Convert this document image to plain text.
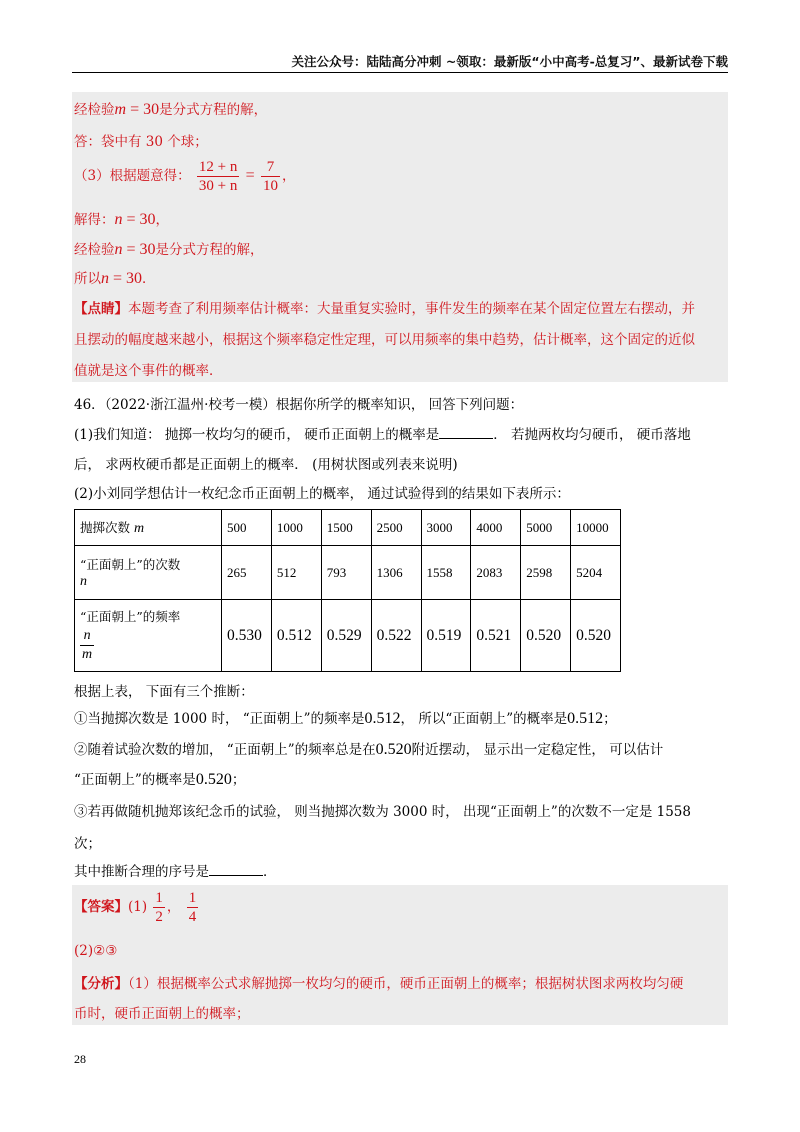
关注公众号：陆陆高分冲刺 ~领取：最新版“小中高考-总复习”、最新试卷下载
经检验m = 30是分式方程的解，
答：袋中有 30 个球；
（3）根据题意得： $\frac{12 + n}{30 + n} = \frac{7}{10}$ ，
解得：n = 30，
经检验n = 30是分式方程的解，
所以n = 30．
【点睛】本题考查了利用频率估计概率：大量重复实验时，事件发生的频率在某个固定位置左右摆动，并
且摆动的幅度越来越小，根据这个频率稳定性定理，可以用频率的集中趋势，估计概率，这个固定的近似
值就是这个事件的概率．
46．（2022·浙江温州·校考一模）根据你所学的概率知识， 回答下列问题：
(1)我们知道： 抛掷一枚均匀的硬币， 硬币正面朝上的概率是	． 若抛两枚均匀硬币， 硬币落地
后， 求两枚硬币都是正面朝上的概率． (用树状图或列表来说明)
(2)小刘同学想估计一枚纪念币正面朝上的概率， 通过试验得到的结果如下表所示：
抛掷次数 m	500	1000	1500	2500	3000	4000	5000	10000
“正面朝上”的次数
n	265	512	793	1306	1558	2083	2598	5204
“正面朝上”的频率

$\frac{n}{m}$	0.530	0.512	0.529	0.522	0.519	0.521	0.520	0.520
根据上表， 下面有三个推断：
①当抛掷次数是 1000 时， “正面朝上”的频率是0.512， 所以“正面朝上”的概率是0.512；
②随着试验次数的增加， “正面朝上”的频率总是在0.520附近摆动， 显示出一定稳定性， 可以估计
“正面朝上”的概率是0.520；
③若再做随机抛郑该纪念币的试验， 则当抛掷次数为 3000 时， 出现“正面朝上”的次数不一定是 1558
次；
其中推断合理的序号是	．
【答案】$(1) \frac{1}{2}$ ， $\frac{1}{4}$
(2)②③
【分析】（1）根据概率公式求解抛掷一枚均匀的硬币，硬币正面朝上的概率；根据树状图求两枚均匀硬
币时，硬币正面朝上的概率；
28
